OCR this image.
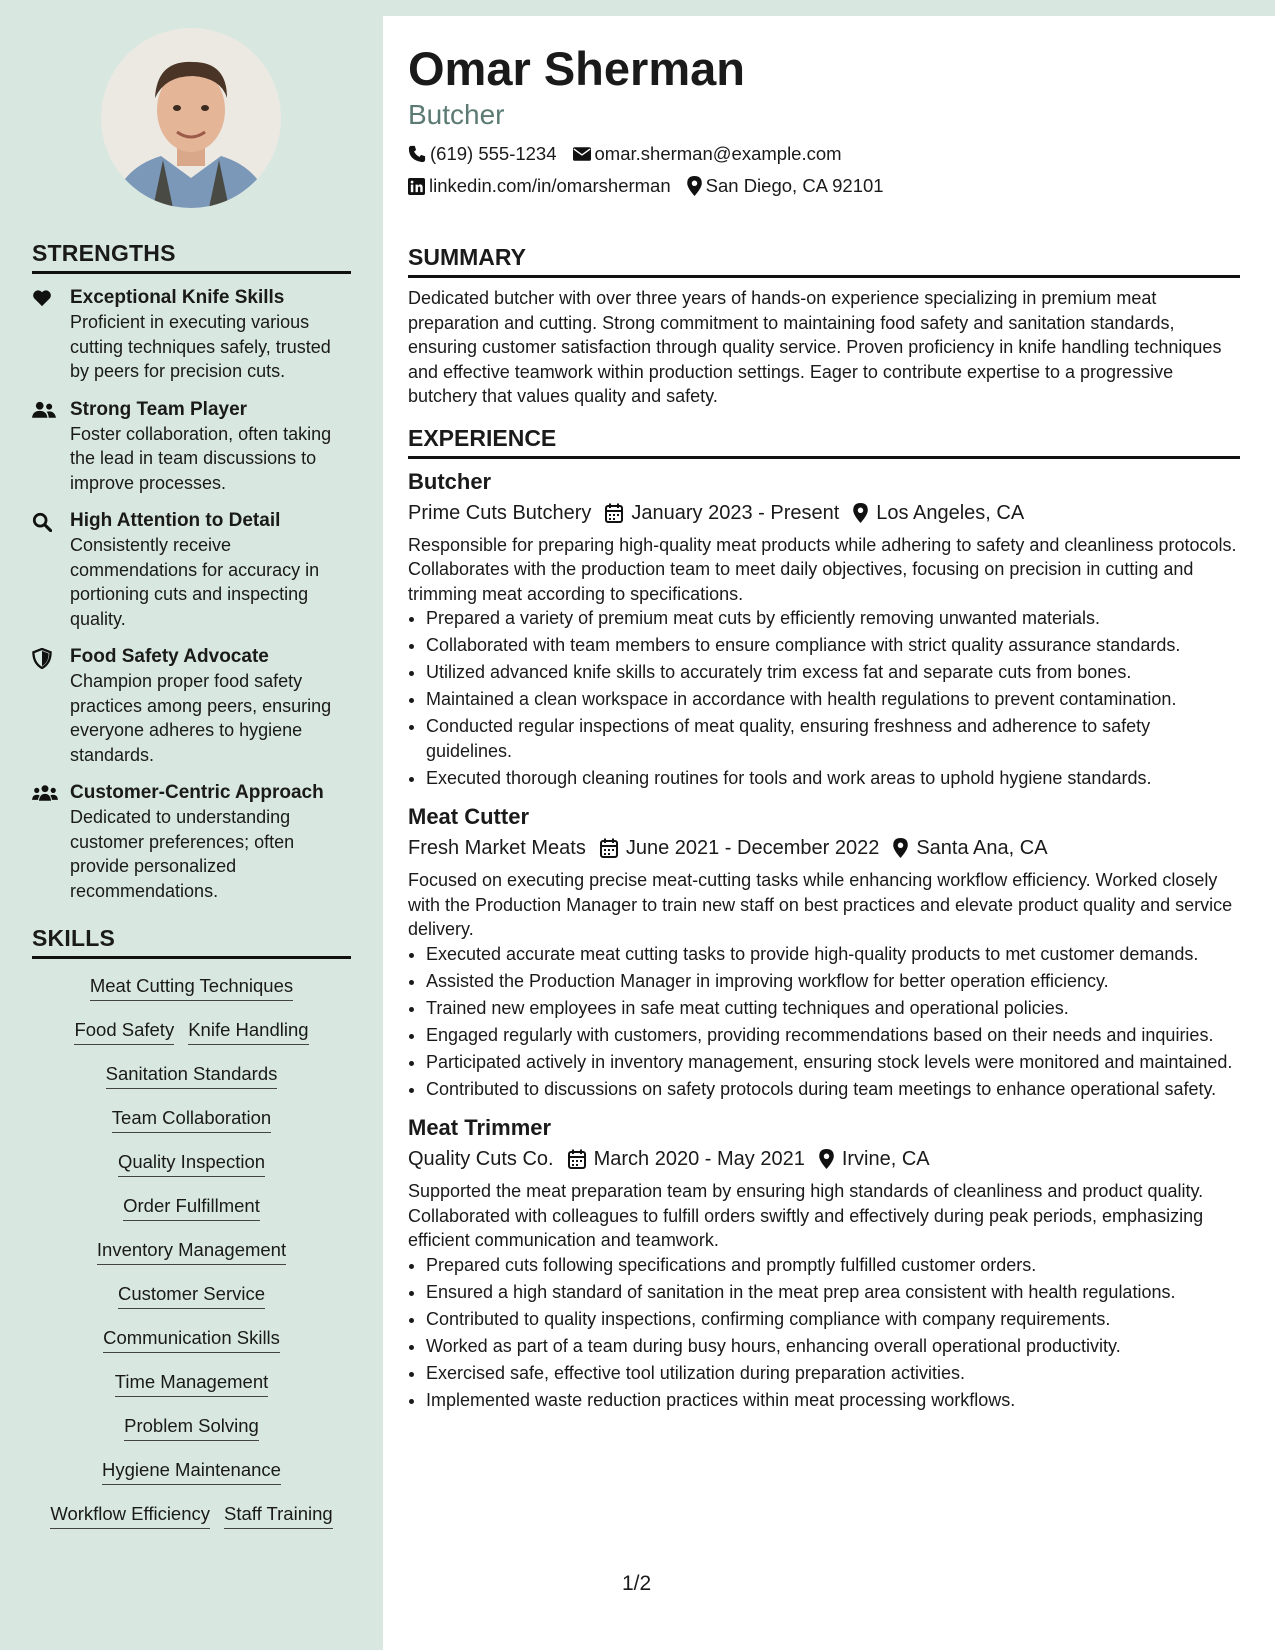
STRENGTHS
Exceptional Knife Skills
Proficient in executing various cutting techniques safely, trusted by peers for precision cuts.
Strong Team Player
Foster collaboration, often taking the lead in team discussions to improve processes.
High Attention to Detail
Consistently receive commendations for accuracy in portioning cuts and inspecting quality.
Food Safety Advocate
Champion proper food safety practices among peers, ensuring everyone adheres to hygiene standards.
Customer-Centric Approach
Dedicated to understanding customer preferences; often provide personalized recommendations.
SKILLS
Meat Cutting Techniques
Food Safety Knife Handling
Sanitation Standards
Team Collaboration
Quality Inspection
Order Fulfillment
Inventory Management
Customer Service
Communication Skills
Time Management
Problem Solving
Hygiene Maintenance
Workflow Efficiency Staff Training
Omar Sherman
Butcher
(619) 555-1234 omar.sherman@example.com
linkedin.com/in/omarsherman San Diego, CA 92101
SUMMARY
Dedicated butcher with over three years of hands-on experience specializing in premium meat preparation and cutting. Strong commitment to maintaining food safety and sanitation standards, ensuring customer satisfaction through quality service. Proven proficiency in knife handling techniques and effective teamwork within production settings. Eager to contribute expertise to a progressive butchery that values quality and safety.
EXPERIENCE
Butcher
Prime Cuts Butchery January 2023 - Present Los Angeles, CA
Responsible for preparing high-quality meat products while adhering to safety and cleanliness protocols. Collaborates with the production team to meet daily objectives, focusing on precision in cutting and trimming meat according to specifications.
• Prepared a variety of premium meat cuts by efficiently removing unwanted materials.
• Collaborated with team members to ensure compliance with strict quality assurance standards.
• Utilized advanced knife skills to accurately trim excess fat and separate cuts from bones.
• Maintained a clean workspace in accordance with health regulations to prevent contamination.
• Conducted regular inspections of meat quality, ensuring freshness and adherence to safety guidelines.
• Executed thorough cleaning routines for tools and work areas to uphold hygiene standards.
Meat Cutter
Fresh Market Meats June 2021 - December 2022 Santa Ana, CA
Focused on executing precise meat-cutting tasks while enhancing workflow efficiency. Worked closely with the Production Manager to train new staff on best practices and elevate product quality and service delivery.
• Executed accurate meat cutting tasks to provide high-quality products to met customer demands.
• Assisted the Production Manager in improving workflow for better operation efficiency.
• Trained new employees in safe meat cutting techniques and operational policies.
• Engaged regularly with customers, providing recommendations based on their needs and inquiries.
• Participated actively in inventory management, ensuring stock levels were monitored and maintained.
• Contributed to discussions on safety protocols during team meetings to enhance operational safety.
Meat Trimmer
Quality Cuts Co. March 2020 - May 2021 Irvine, CA
Supported the meat preparation team by ensuring high standards of cleanliness and product quality. Collaborated with colleagues to fulfill orders swiftly and effectively during peak periods, emphasizing efficient communication and teamwork.
• Prepared cuts following specifications and promptly fulfilled customer orders.
• Ensured a high standard of sanitation in the meat prep area consistent with health regulations.
• Contributed to quality inspections, confirming compliance with company requirements.
• Worked as part of a team during busy hours, enhancing overall operational productivity.
• Exercised safe, effective tool utilization during preparation activities.
• Implemented waste reduction practices within meat processing workflows.
1/2
